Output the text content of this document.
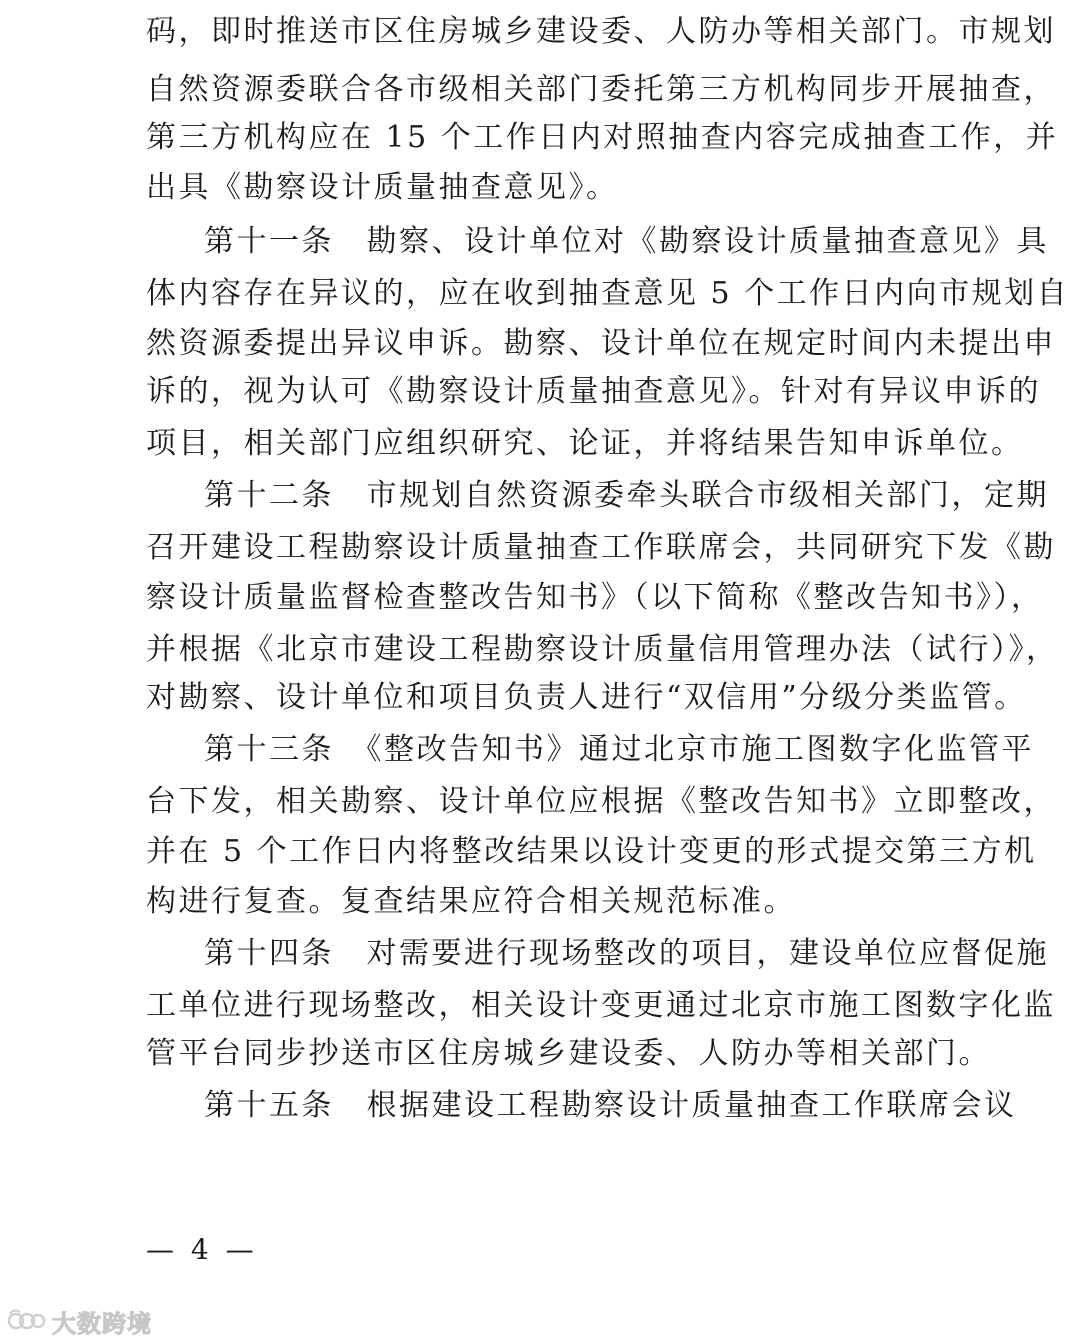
码，即时推送市区住房城乡建设委、人防办等相关部门。市规划
自然资源委联合各市级相关部门委托第三方机构同步开展抽查，
第三方机构应在 15 个工作日内对照抽查内容完成抽查工作，并
出具《勘察设计质量抽查意见》。
第十一条　勘察、设计单位对《勘察设计质量抽查意见》具
体内容存在异议的，应在收到抽查意见 5 个工作日内向市规划自
然资源委提出异议申诉。勘察、设计单位在规定时间内未提出申
诉的，视为认可《勘察设计质量抽查意见》。针对有异议申诉的
项目，相关部门应组织研究、论证，并将结果告知申诉单位。
第十二条　市规划自然资源委牵头联合市级相关部门，定期
召开建设工程勘察设计质量抽查工作联席会，共同研究下发《勘
察设计质量监督检查整改告知书》（以下简称《整改告知书》），
并根据《北京市建设工程勘察设计质量信用管理办法（试行）》，
对勘察、设计单位和项目负责人进行“双信用”分级分类监管。
第十三条　《整改告知书》通过北京市施工图数字化监管平
台下发，相关勘察、设计单位应根据《整改告知书》立即整改，
并在 5 个工作日内将整改结果以设计变更的形式提交第三方机
构进行复查。复查结果应符合相关规范标准。
第十四条　对需要进行现场整改的项目，建设单位应督促施
工单位进行现场整改，相关设计变更通过北京市施工图数字化监
管平台同步抄送市区住房城乡建设委、人防办等相关部门。
第十五条　根据建设工程勘察设计质量抽查工作联席会议
— 4 —
大数跨境
